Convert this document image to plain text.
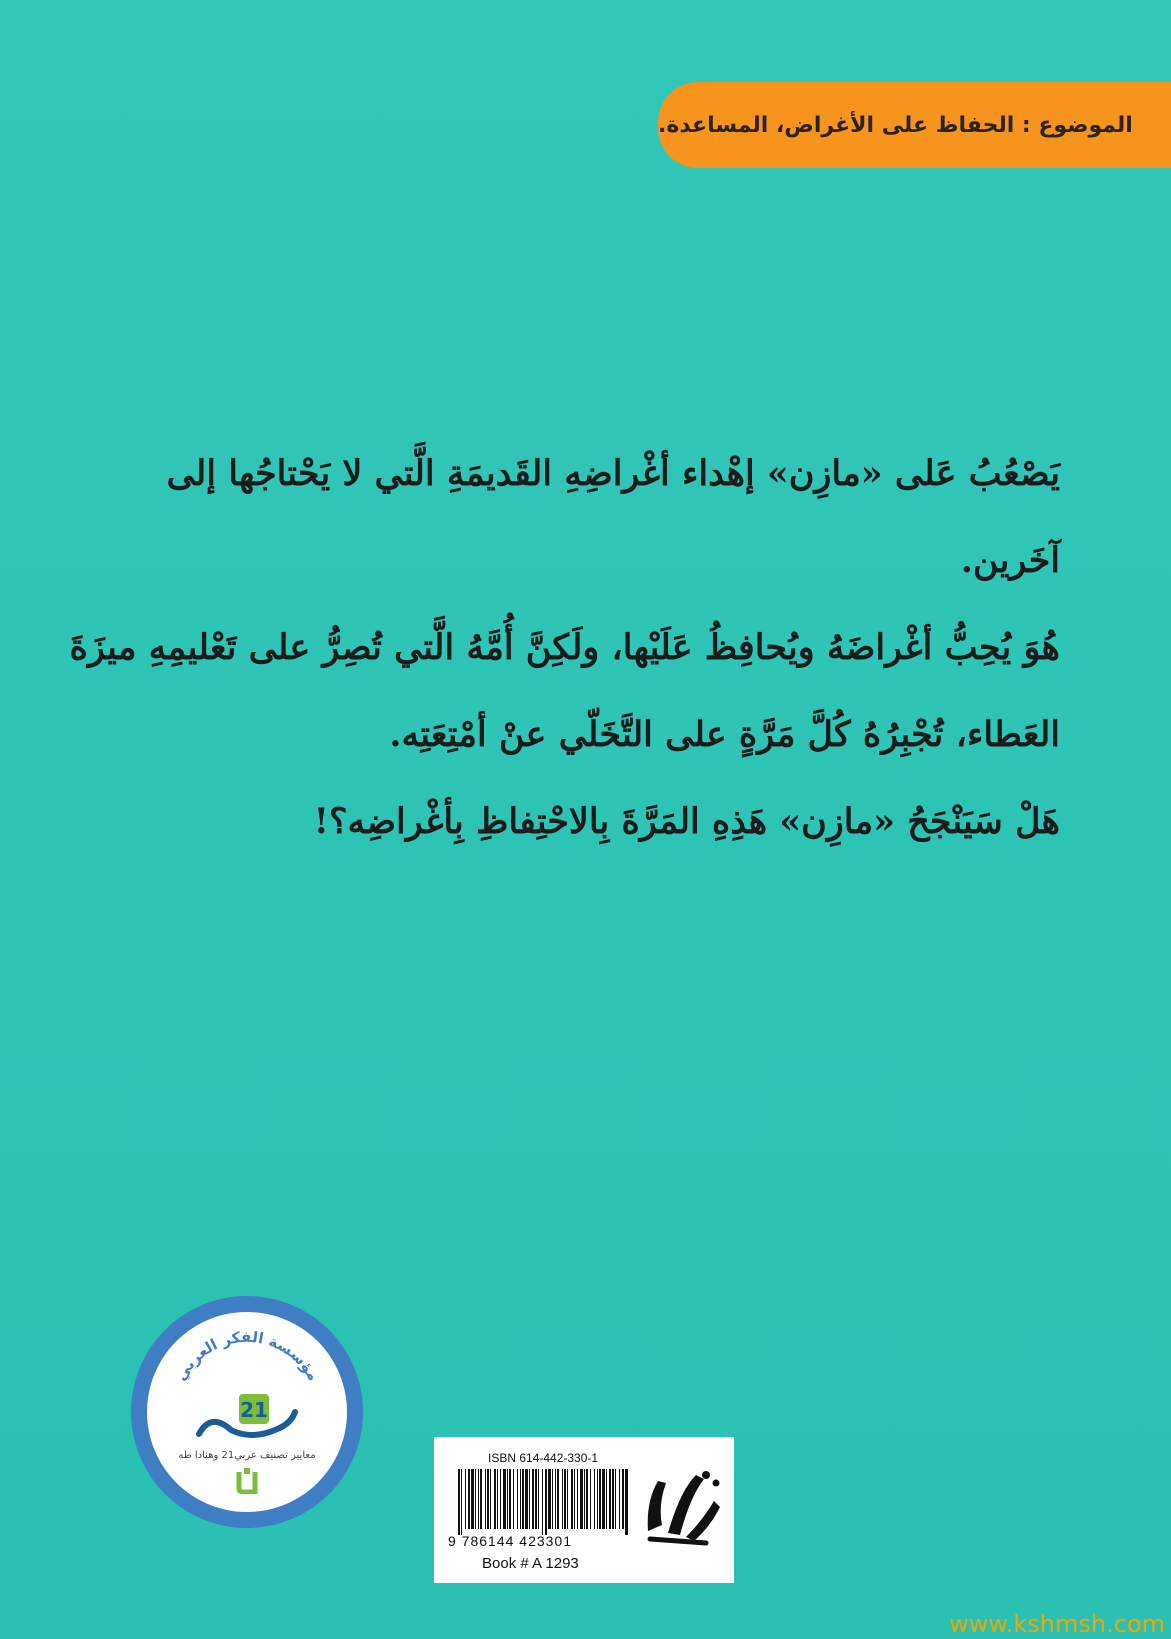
الموضوع : الحفاظ على الأغراض، المساعدة.

يَصْعُبُ عَلى «مازِن» إهْداء أغْراضِهِ القَديمَةِ الَّتي لا يَحْتاجُها إلى آخَرين.

هُوَ يُحِبُّ أغْراضَهُ ويُحافِظُ عَلَيْها، ولَكِنَّ أُمَّهُ الَّتي تُصِرُّ على تَعْليمِهِ ميزَةَ

العَطاء، تُجْبِرُهُ كُلَّ مَرَّةٍ على التَّخَلّي عنْ أمْتِعَتِه.

هَلْ سَيَنْجَحُ «مازِن» هَذِهِ المَرَّةَ بِالاحْتِفاظِ بِأغْراضِه؟!

مؤسسة الفكر العربي
21
معايير تصنيف عربي21 وهنادا طه	ISBN 614-442-330-1
9 786144 423301
Book # A 1293
www.kshmsh.com
